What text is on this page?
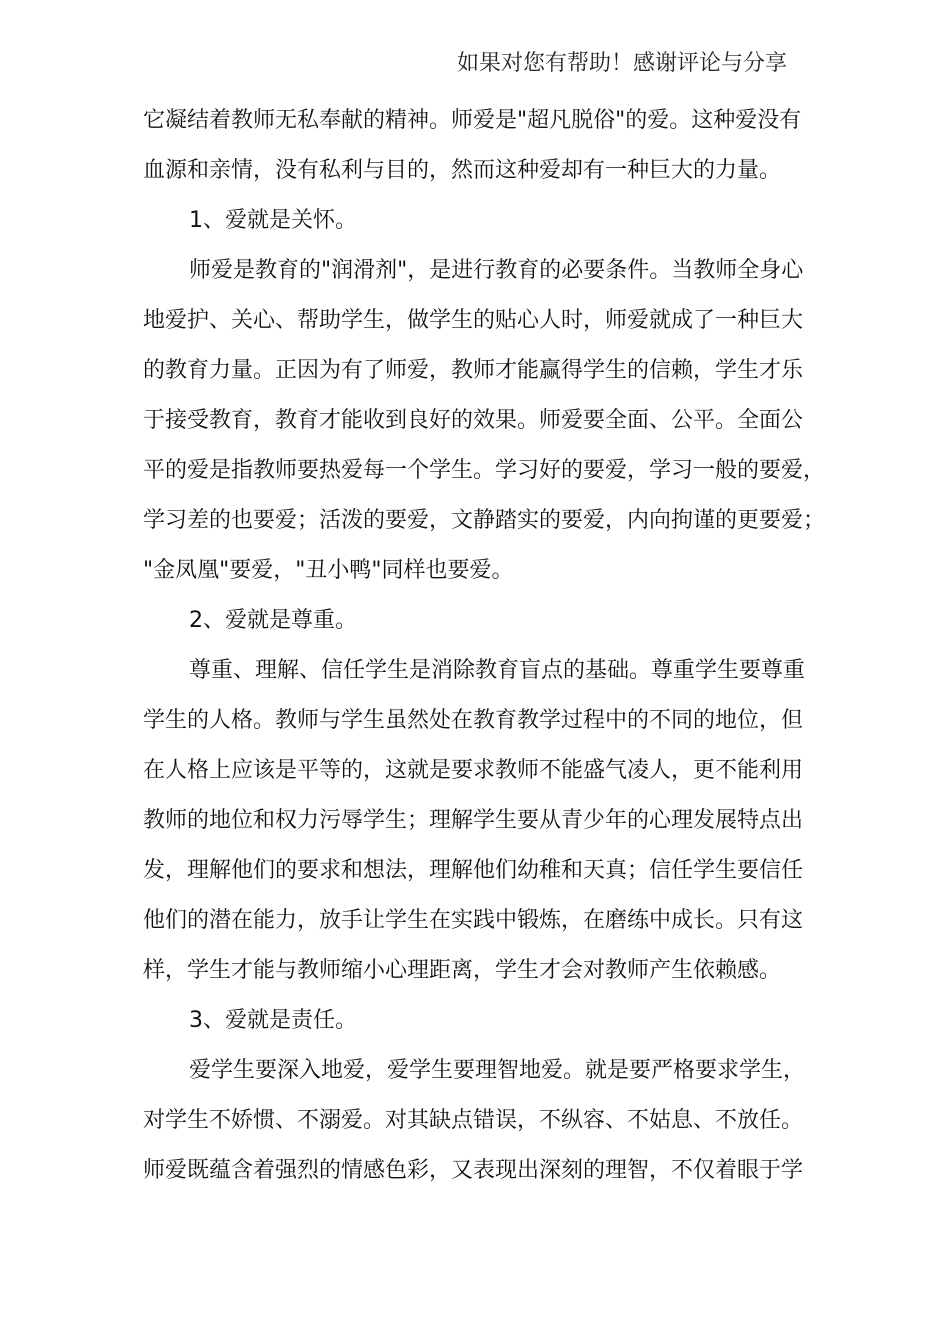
如果对您有帮助！感谢评论与分享
它凝结着教师无私奉献的精神。师爱是"超凡脱俗"的爱。这种爱没有
血源和亲情，没有私利与目的，然而这种爱却有一种巨大的力量。
1、爱就是关怀。
师爱是教育的"润滑剂"，是进行教育的必要条件。当教师全身心
地爱护、关心、帮助学生，做学生的贴心人时，师爱就成了一种巨大
的教育力量。正因为有了师爱，教师才能赢得学生的信赖，学生才乐
于接受教育，教育才能收到良好的效果。师爱要全面、公平。全面公
平的爱是指教师要热爱每一个学生。学习好的要爱，学习一般的要爱，
学习差的也要爱；活泼的要爱，文静踏实的要爱，内向拘谨的更要爱；
"金凤凰"要爱，"丑小鸭"同样也要爱。
2、爱就是尊重。
尊重、理解、信任学生是消除教育盲点的基础。尊重学生要尊重
学生的人格。教师与学生虽然处在教育教学过程中的不同的地位，但
在人格上应该是平等的，这就是要求教师不能盛气凌人，更不能利用
教师的地位和权力污辱学生；理解学生要从青少年的心理发展特点出
发，理解他们的要求和想法，理解他们幼稚和天真；信任学生要信任
他们的潜在能力，放手让学生在实践中锻炼，在磨练中成长。只有这
样，学生才能与教师缩小心理距离，学生才会对教师产生依赖感。
3、爱就是责任。
爱学生要深入地爱，爱学生要理智地爱。就是要严格要求学生，
对学生不娇惯、不溺爱。对其缺点错误，不纵容、不姑息、不放任。
师爱既蕴含着强烈的情感色彩，又表现出深刻的理智，不仅着眼于学
